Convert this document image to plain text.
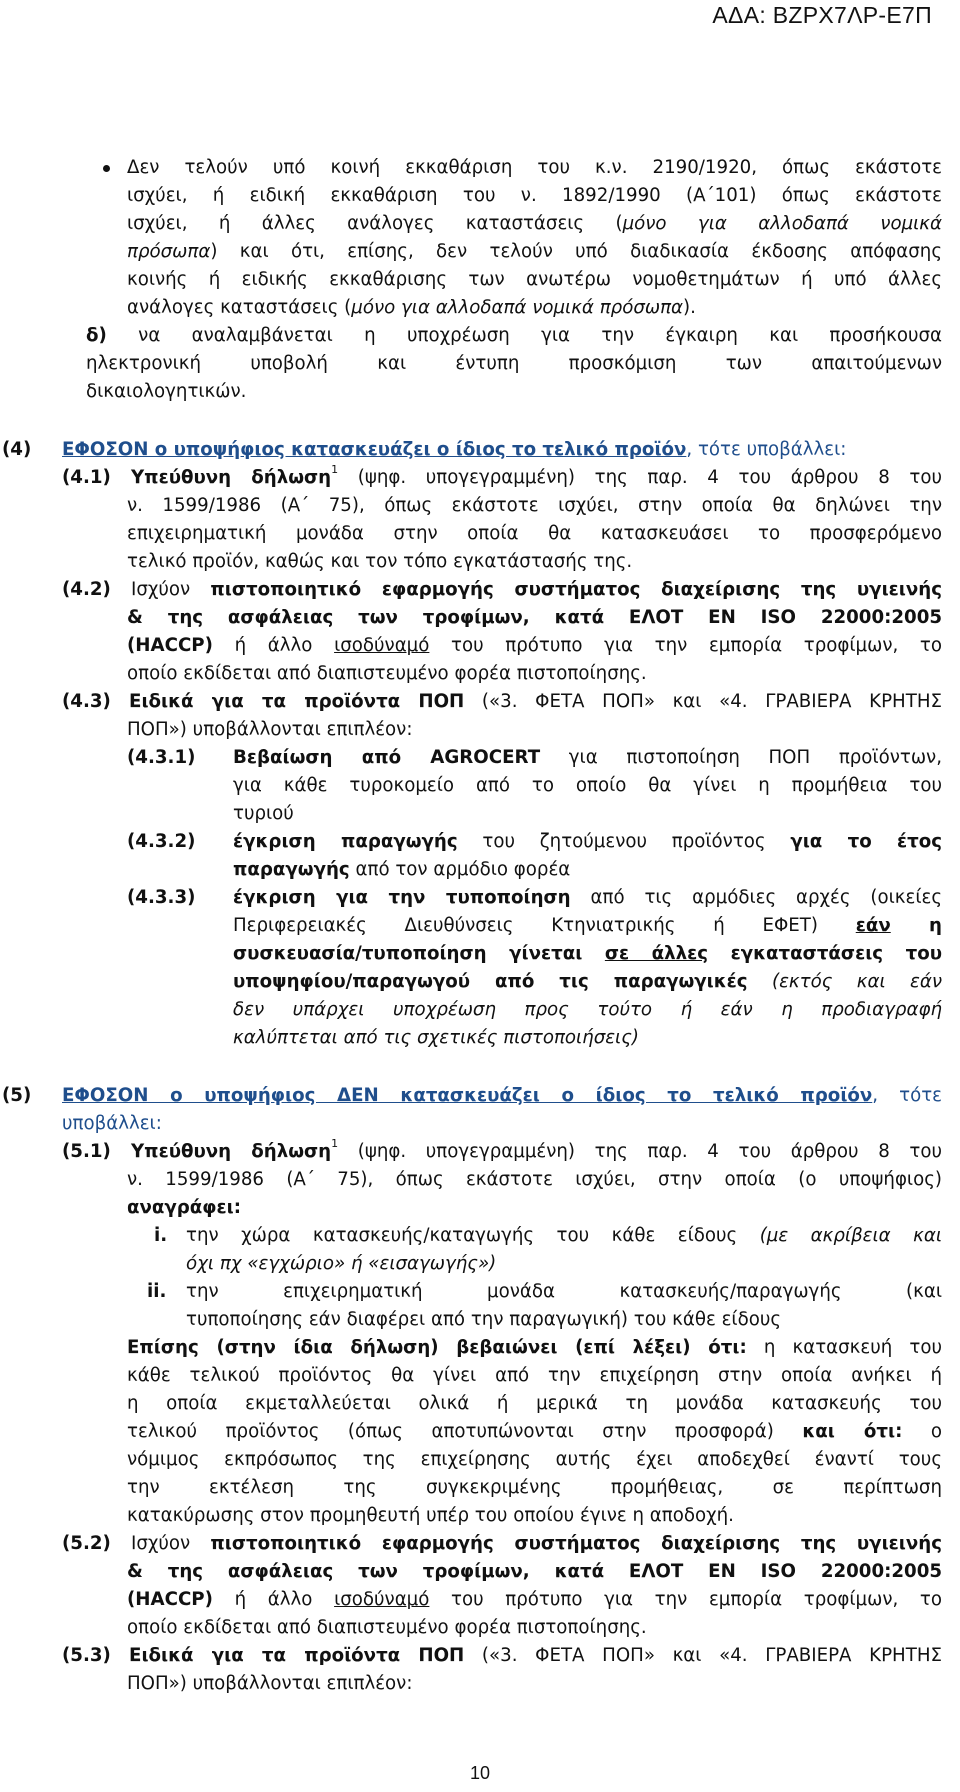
ΑΔΑ: ΒΖΡΧ7ΛΡ-Ε7Π
Δεν τελούν υπό κοινή εκκαθάριση του κ.ν. 2190/1920, όπως εκάστοτε
ισχύει, ή ειδική εκκαθάριση του ν. 1892/1990 (Α΄101) όπως εκάστοτε
ισχύει, ή άλλες ανάλογες καταστάσεις (μόνο για αλλοδαπά νομικά
πρόσωπα) και ότι, επίσης, δεν τελούν υπό διαδικασία έκδοσης απόφασης
κοινής ή ειδικής εκκαθάρισης των ανωτέρω νομοθετημάτων ή υπό άλλες
ανάλογες καταστάσεις (μόνο για αλλοδαπά νομικά πρόσωπα).
δ) να αναλαμβάνεται η υποχρέωση για την έγκαιρη και προσήκουσα
ηλεκτρονική υποβολή και έντυπη προσκόμιση των απαιτούμενων
δικαιολογητικών.
(4) ΕΦΟΣΟΝ ο υποψήφιος κατασκευάζει ο ίδιος το τελικό προϊόν, τότε υποβάλλει:
(4.1) Υπεύθυνη δήλωση$^1$ (ψηφ. υπογεγραμμένη) της παρ. 4 του άρθρου 8 του
ν. 1599/1986 (Α΄ 75), όπως εκάστοτε ισχύει, στην οποία θα δηλώνει την
επιχειρηματική μονάδα στην οποία θα κατασκευάσει το προσφερόμενο
τελικό προϊόν, καθώς και τον τόπο εγκατάστασής της.
(4.2) Ισχύον πιστοποιητικό εφαρμογής συστήματος διαχείρισης της υγιεινής
& της ασφάλειας των τροφίμων, κατά ΕΛΟΤ EN ISO 22000:2005
(HACCP) ή άλλο ισοδύναμό του πρότυπο για την εμπορία τροφίμων, το
οποίο εκδίδεται από διαπιστευμένο φορέα πιστοποίησης.
(4.3) Ειδικά για τα προϊόντα ΠΟΠ («3. ΦΕΤΑ ΠΟΠ» και «4. ΓΡΑΒΙΕΡΑ ΚΡΗΤΗΣ
ΠΟΠ») υποβάλλονται επιπλέον:
(4.3.1) Βεβαίωση από AGROCERT για πιστοποίηση ΠΟΠ προϊόντων,
για κάθε τυροκομείο από το οποίο θα γίνει η προμήθεια του
τυριού
(4.3.2) έγκριση παραγωγής του ζητούμενου προϊόντος για το έτος
παραγωγής από τον αρμόδιο φορέα
(4.3.3) έγκριση για την τυποποίηση από τις αρμόδιες αρχές (οικείες
Περιφερειακές Διευθύνσεις Κτηνιατρικής ή ΕΦΕΤ) εάν η
συσκευασία/τυποποίηση γίνεται σε άλλες εγκαταστάσεις του
υποψηφίου/παραγωγού από τις παραγωγικές (εκτός και εάν
δεν υπάρχει υποχρέωση προς τούτο ή εάν η προδιαγραφή
καλύπτεται από τις σχετικές πιστοποιήσεις)
(5) ΕΦΟΣΟΝ ο υποψήφιος ΔΕΝ κατασκευάζει ο ίδιος το τελικό προϊόν, τότε
υποβάλλει:
(5.1) Υπεύθυνη δήλωση$^1$ (ψηφ. υπογεγραμμένη) της παρ. 4 του άρθρου 8 του
ν. 1599/1986 (Α΄ 75), όπως εκάστοτε ισχύει, στην οποία (ο υποψήφιος)
αναγράφει:
i. την χώρα κατασκευής/καταγωγής του κάθε είδους (με ακρίβεια και
όχι πχ «εγχώριο» ή «εισαγωγής»)
ii. την επιχειρηματική μονάδα κατασκευής/παραγωγής (και
τυποποίησης εάν διαφέρει από την παραγωγική) του κάθε είδους
Επίσης (στην ίδια δήλωση) βεβαιώνει (επί λέξει) ότι: η κατασκευή του
κάθε τελικού προϊόντος θα γίνει από την επιχείρηση στην οποία ανήκει ή
η οποία εκμεταλλεύεται ολικά ή μερικά τη μονάδα κατασκευής του
τελικού προϊόντος (όπως αποτυπώνονται στην προσφορά) και ότι: ο
νόμιμος εκπρόσωπος της επιχείρησης αυτής έχει αποδεχθεί έναντί τους
την εκτέλεση της συγκεκριμένης προμήθειας, σε περίπτωση
κατακύρωσης στον προμηθευτή υπέρ του οποίου έγινε η αποδοχή.
(5.2) Ισχύον πιστοποιητικό εφαρμογής συστήματος διαχείρισης της υγιεινής
& της ασφάλειας των τροφίμων, κατά ΕΛΟΤ EN ISO 22000:2005
(HACCP) ή άλλο ισοδύναμό του πρότυπο για την εμπορία τροφίμων, το
οποίο εκδίδεται από διαπιστευμένο φορέα πιστοποίησης.
(5.3) Ειδικά για τα προϊόντα ΠΟΠ («3. ΦΕΤΑ ΠΟΠ» και «4. ΓΡΑΒΙΕΡΑ ΚΡΗΤΗΣ
ΠΟΠ») υποβάλλονται επιπλέον:
10
